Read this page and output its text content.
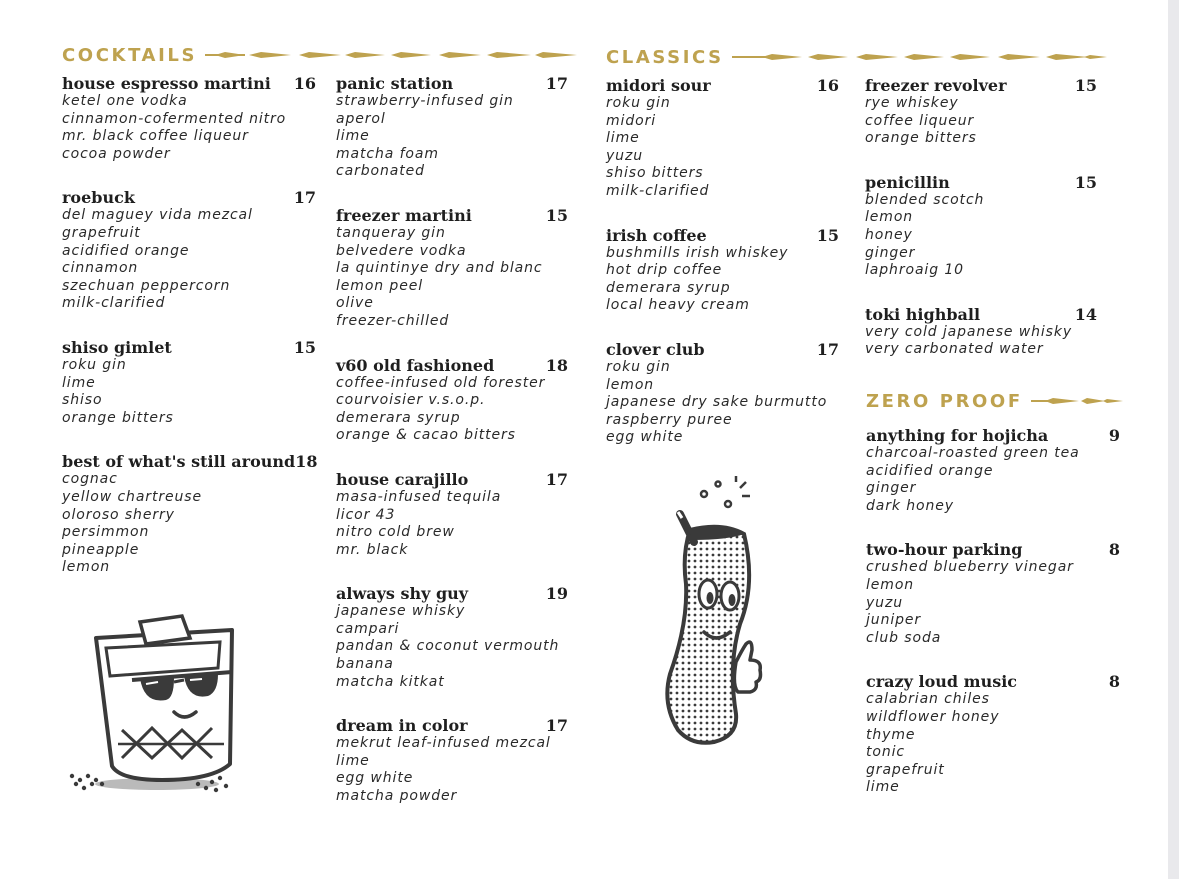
COCKTAILS	CLASSICS
ZERO PROOF
house espresso martini 16
ketel one vodka
cinnamon-cofermented nitro
mr. black coffee liqueur
cocoa powder
roebuck	17
del maguey vida mezcal
grapefruit
acidified orange
cinnamon
szechuan peppercorn
milk-clarified
shiso gimlet	15
roku gin
lime
shiso
orange bitters
best of what's still around 18
cognac
yellow chartreuse
oloroso sherry
persimmon
pineapple
lemon
panic station	17
strawberry-infused gin
aperol
lime
matcha foam
carbonated
freezer martini	15
tanqueray gin
belvedere vodka
la quintinye dry and blanc
lemon peel
olive
freezer-chilled
v60 old fashioned	18
coffee-infused old forester
courvoisier v.s.o.p.
demerara syrup
orange & cacao bitters
house carajillo	17
masa-infused tequila
licor 43
nitro cold brew
mr. black
always shy guy	19
japanese whisky
campari
pandan & coconut vermouth
banana
matcha kitkat
dream in color	17
mekrut leaf-infused mezcal
lime
egg white
matcha powder
midori sour	16
roku gin
midori
lime
yuzu
shiso bitters
milk-clarified
irish coffee	15
bushmills irish whiskey
hot drip coffee
demerara syrup
local heavy cream
clover club	17
roku gin
lemon
japanese dry sake burmutto
raspberry puree
egg white
freezer revolver	15
rye whiskey
coffee liqueur
orange bitters
penicillin	15
blended scotch
lemon
honey
ginger
laphroaig 10
toki highball	14
very cold japanese whisky
very carbonated water
anything for hojicha	9
charcoal-roasted green tea
acidified orange
ginger
dark honey
two-hour parking	8
crushed blueberry vinegar
lemon
yuzu
juniper
club soda
crazy loud music	8
calabrian chiles
wildflower honey
thyme
tonic
grapefruit
lime
